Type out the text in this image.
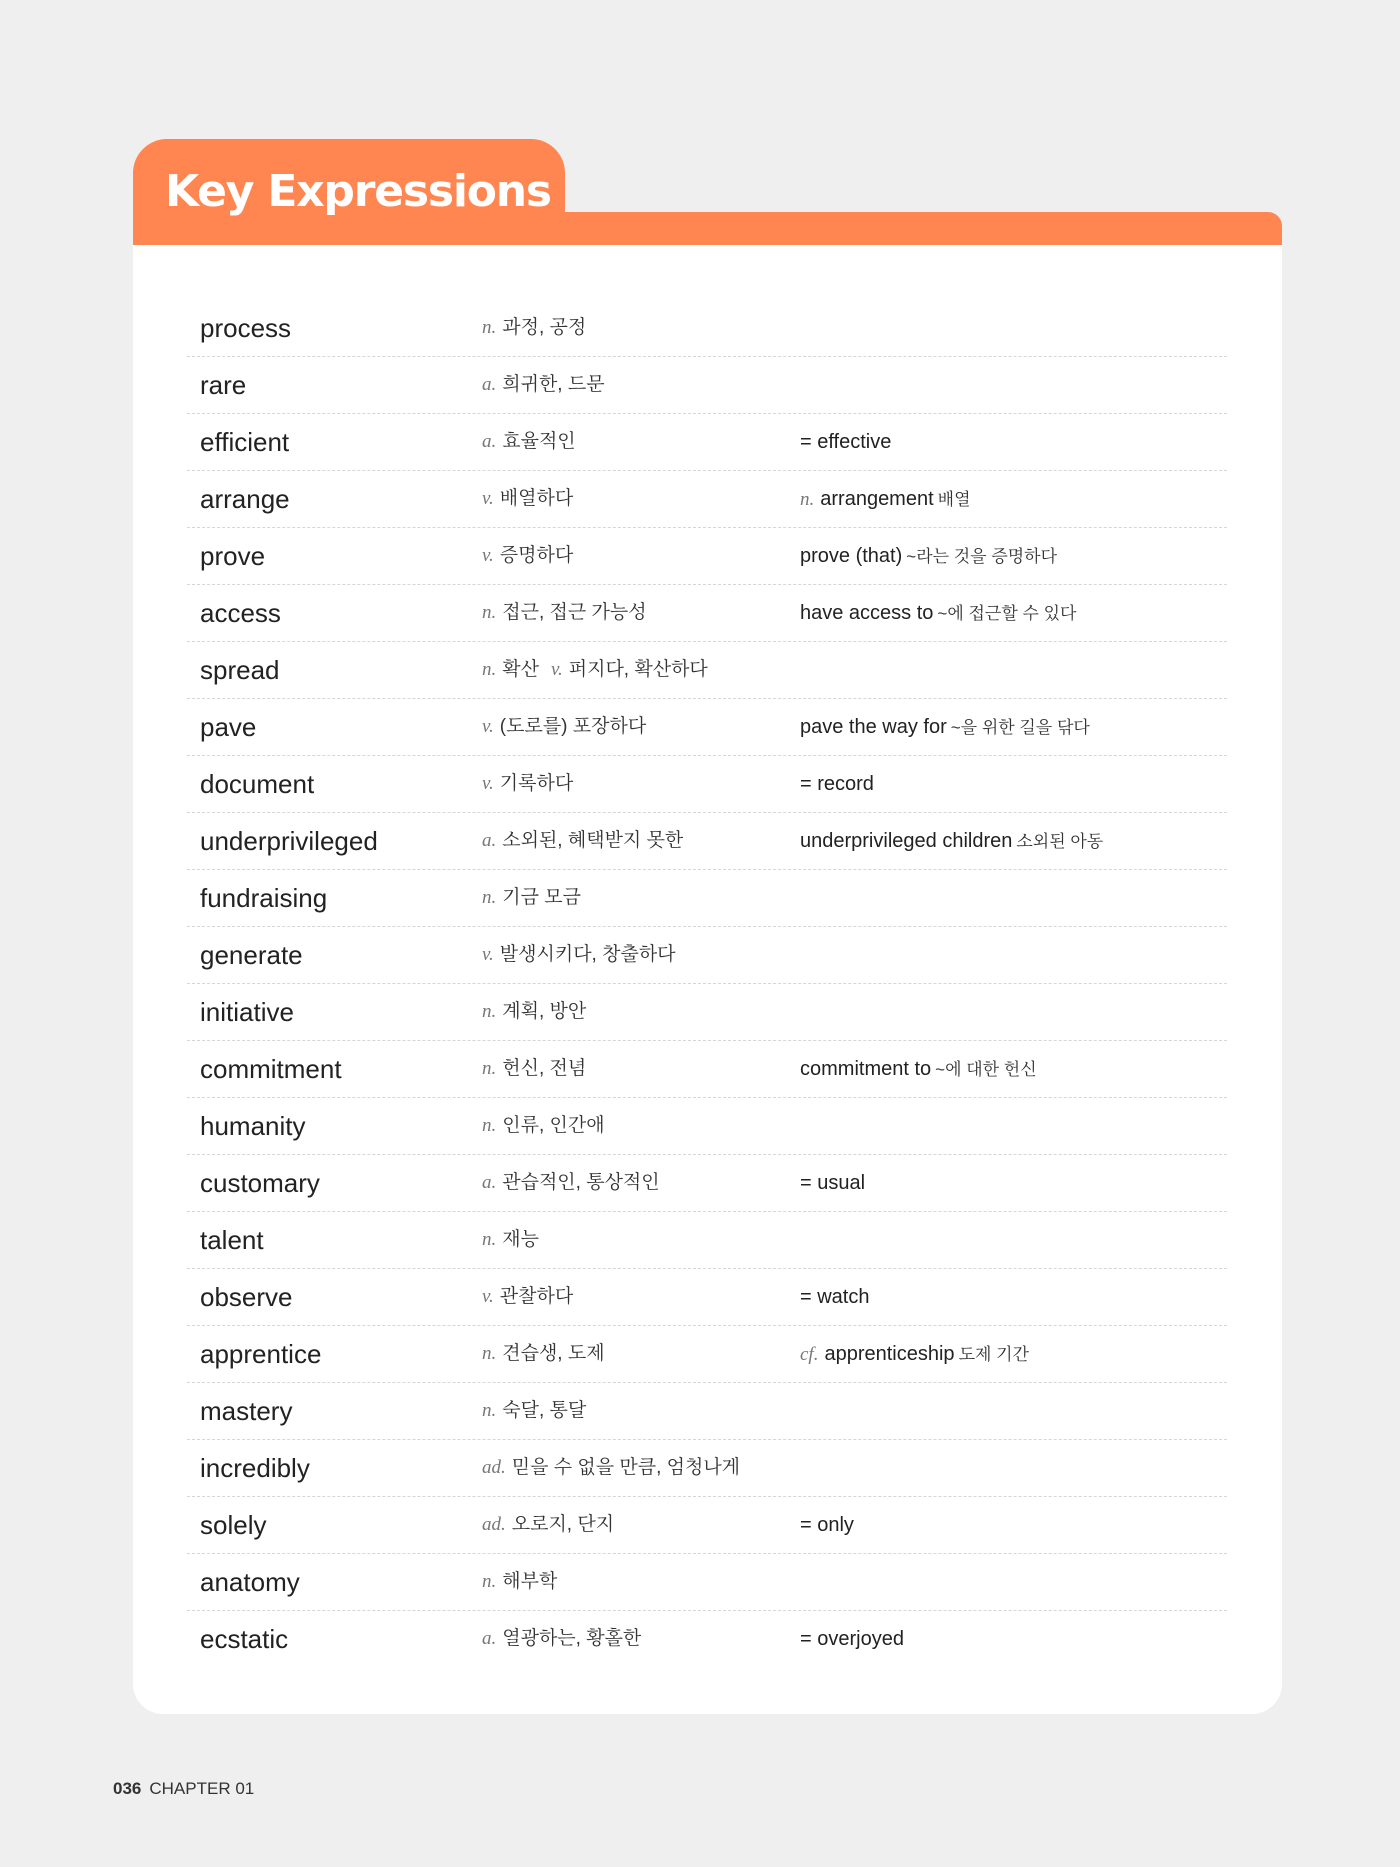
Key Expressions
process	n. 과정, 공정
rare	a. 희귀한, 드문
efficient	a. 효율적인	= effective
arrange	v. 배열하다	n. arrangement 배열
prove	v. 증명하다	prove (that) ~라는 것을 증명하다
access	n. 접근, 접근 가능성	have access to ~에 접근할 수 있다
spread	n. 확산 v. 퍼지다, 확산하다
pave	v. (도로를) 포장하다	pave the way for ~을 위한 길을 닦다
document	v. 기록하다	= record
underprivileged	a. 소외된, 혜택받지 못한	underprivileged children 소외된 아동
fundraising	n. 기금 모금
generate	v. 발생시키다, 창출하다
initiative	n. 계획, 방안
commitment	n. 헌신, 전념	commitment to ~에 대한 헌신
humanity	n. 인류, 인간애
customary	a. 관습적인, 통상적인	= usual
talent	n. 재능
observe	v. 관찰하다	= watch
apprentice	n. 견습생, 도제	cf. apprenticeship 도제 기간
mastery	n. 숙달, 통달
incredibly	ad. 믿을 수 없을 만큼, 엄청나게
solely	ad. 오로지, 단지	= only
anatomy	n. 해부학
ecstatic	a. 열광하는, 황홀한	= overjoyed
036 CHAPTER 01
